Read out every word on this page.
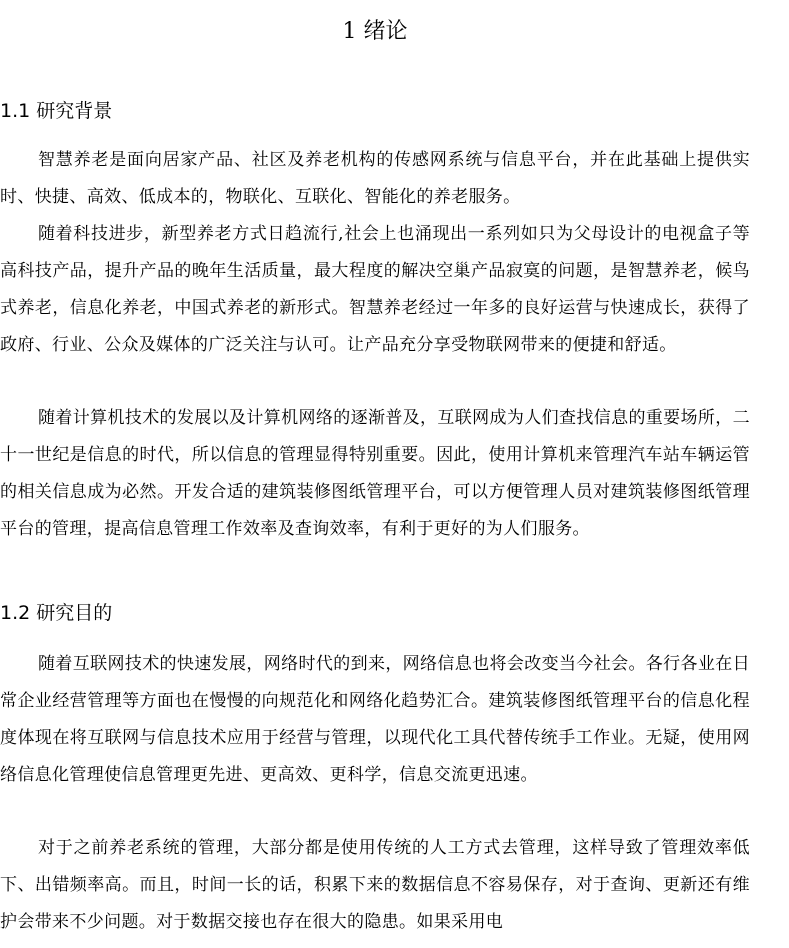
1 绪论
1.1 研究背景

智慧养老是面向居家产品、社区及养老机构的传感网系统与信息平台，并在此基础上提供实时、快捷、高效、低成本的，物联化、互联化、智能化的养老服务。

随着科技进步，新型养老方式日趋流行,社会上也涌现出一系列如只为父母设计的电视盒子等高科技产品，提升产品的晚年生活质量，最大程度的解决空巢产品寂寞的问题，是智慧养老，候鸟式养老，信息化养老，中国式养老的新形式。智慧养老经过一年多的良好运营与快速成长，获得了政府、行业、公众及媒体的广泛关注与认可。让产品充分享受物联网带来的便捷和舒适。

随着计算机技术的发展以及计算机网络的逐渐普及，互联网成为人们查找信息的重要场所，二十一世纪是信息的时代，所以信息的管理显得特别重要。因此，使用计算机来管理汽车站车辆运管的相关信息成为必然。开发合适的建筑装修图纸管理平台，可以方便管理人员对建筑装修图纸管理平台的管理，提高信息管理工作效率及查询效率，有利于更好的为人们服务。

1.2 研究目的

随着互联网技术的快速发展，网络时代的到来，网络信息也将会改变当今社会。各行各业在日常企业经营管理等方面也在慢慢的向规范化和网络化趋势汇合。建筑装修图纸管理平台的信息化程度体现在将互联网与信息技术应用于经营与管理，以现代化工具代替传统手工作业。无疑，使用网络信息化管理使信息管理更先进、更高效、更科学，信息交流更迅速。

对于之前养老系统的管理，大部分都是使用传统的人工方式去管理，这样导致了管理效率低下、出错频率高。而且，时间一长的话，积累下来的数据信息不容易保存，对于查询、更新还有维护会带来不少问题。对于数据交接也存在很大的隐患。如果采用电
